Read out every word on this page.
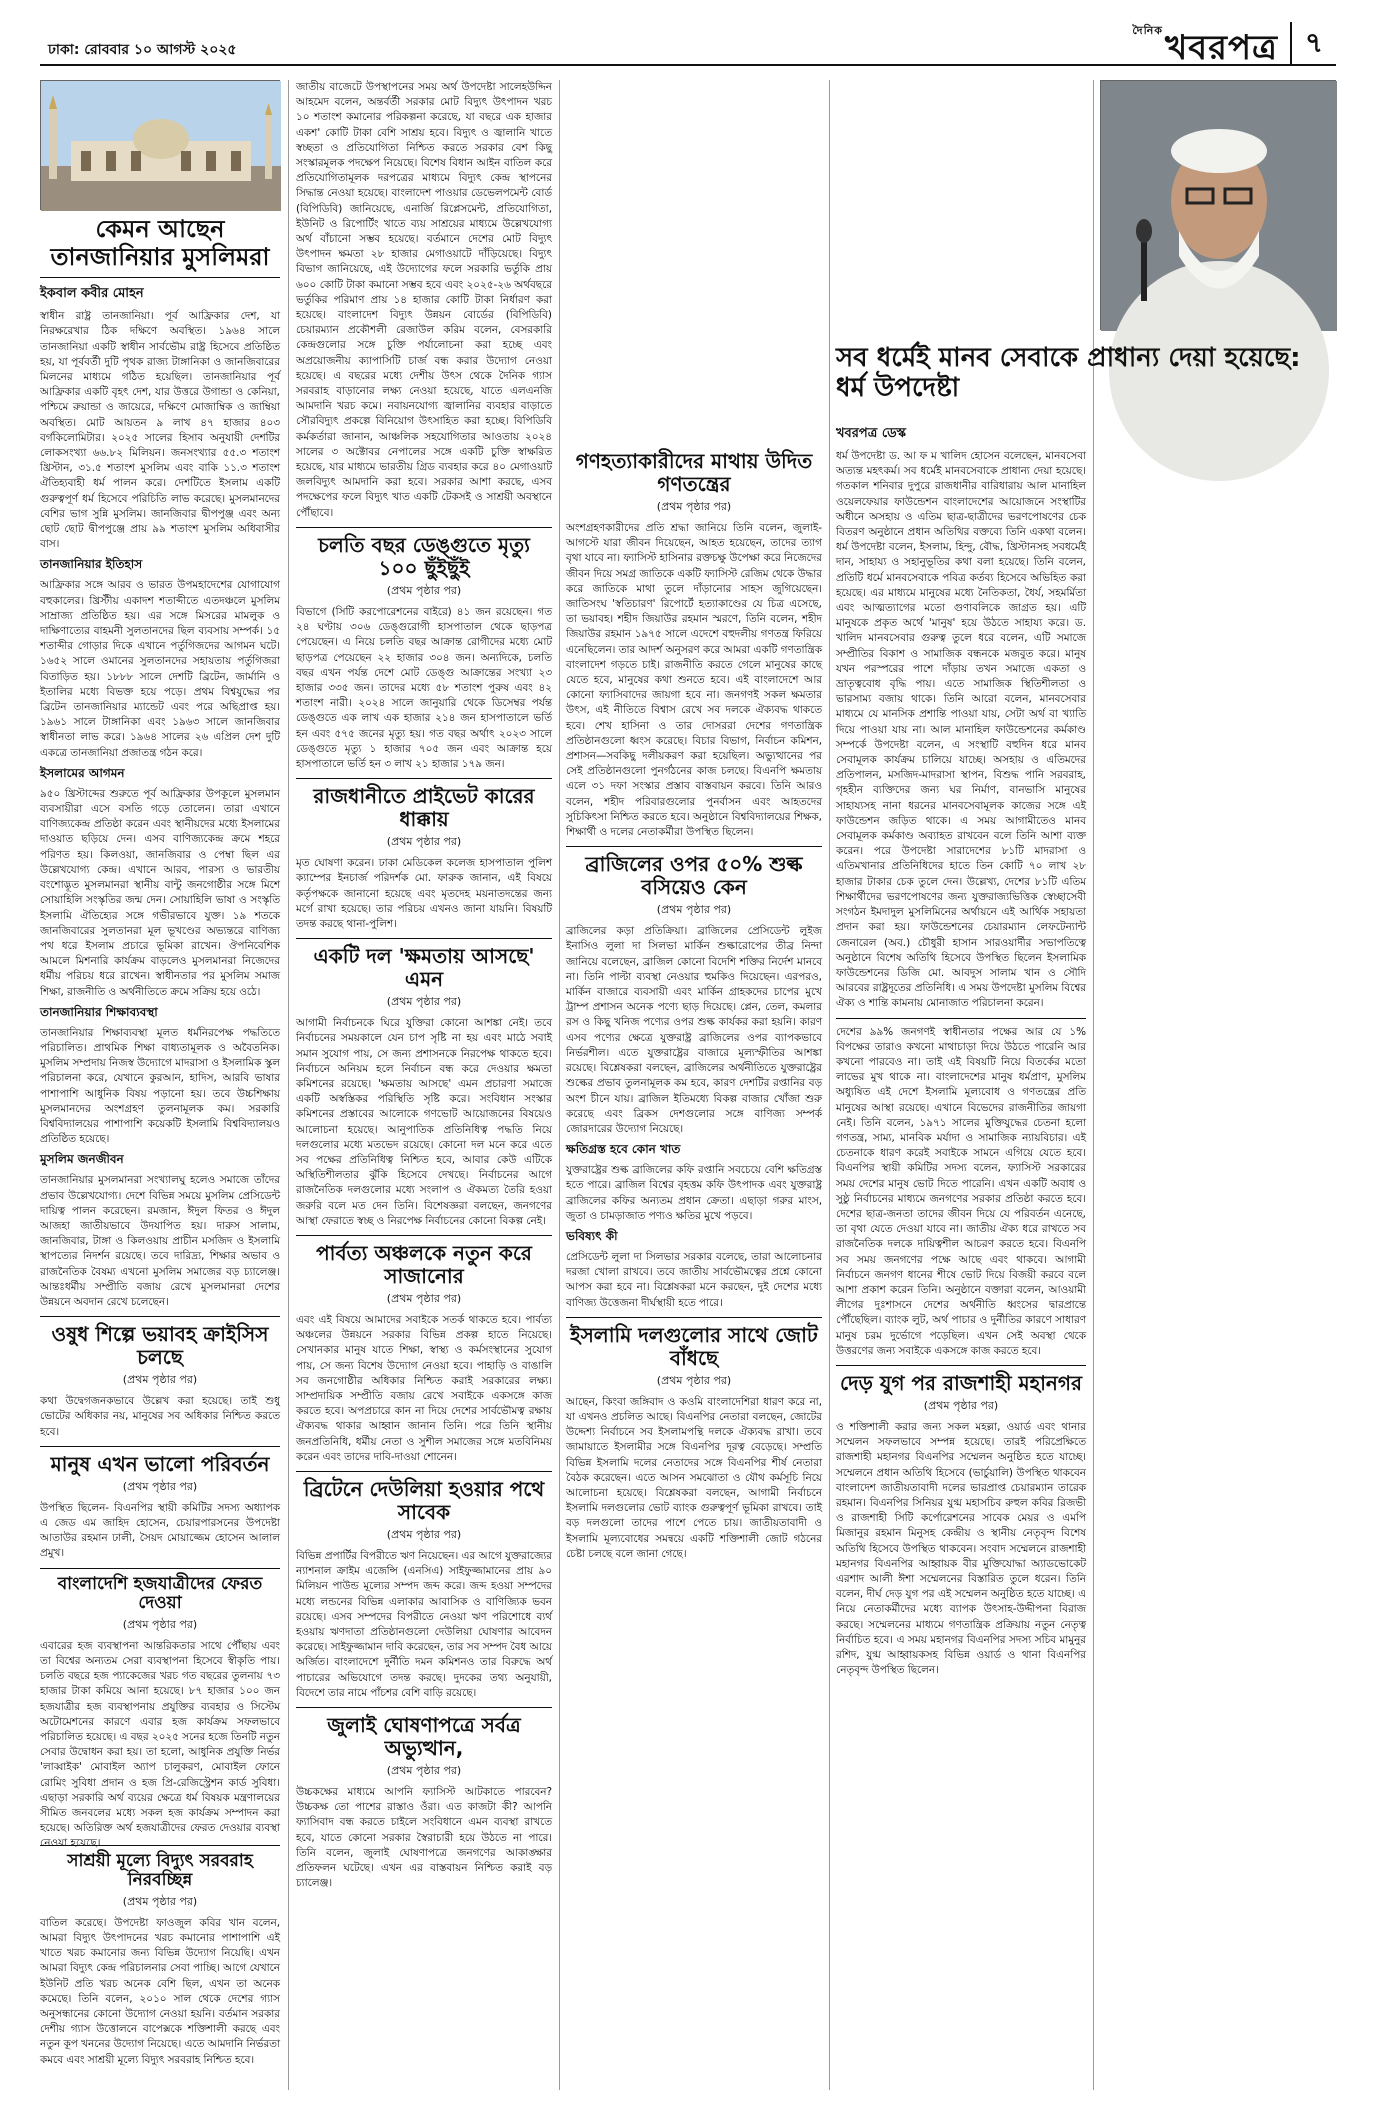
ঢাকা: রোববার ১০ আগস্ট ২০২৫
$^{দৈনিক}$খবরপত্র ৭
কেমন আছেন তানজানিয়ার মুসলিমরা
ইকবাল কবীর মোহন
স্বাধীন রাষ্ট্র তানজানিয়া। পূর্ব আফ্রিকার দেশ, যা নিরক্ষরেখার ঠিক দক্ষিণে অবস্থিত। ১৯৬৪ সালে তানজানিয়া একটি স্বাধীন সার্বভৌম রাষ্ট্র হিসেবে প্রতিষ্ঠিত হয়, যা পূর্ববর্তী দুটি পৃথক রাজ্য টাঙ্গানিকা ও জানজিবারের মিলনের মাধ্যমে গঠিত হয়েছিল। তানজানিয়ার পূর্ব আফ্রিকার একটি বৃহৎ দেশ, যার উত্তরে উগান্ডা ও কেনিয়া, পশ্চিমে রুয়ান্ডা ও জায়েরে, দক্ষিণে মোজাম্বিক ও জাম্বিয়া অবস্থিত। মোট আয়তন ৯ লাখ ৪৭ হাজার ৪০৩ বর্গকিলোমিটার। ২০২৫ সালের হিসাব অনুযায়ী দেশটির লোকসংখ্যা ৬৬.৮২ মিলিয়ন। জনসংখ্যার ৫৫.৩ শতাংশ খ্রিস্টান, ৩১.৫ শতাংশ মুসলিম এবং বাকি ১১.৩ শতাংশ ঐতিহ্যবাহী ধর্ম পালন করে। দেশটিতে ইসলাম একটি গুরুত্বপূর্ণ ধর্ম হিসেবে পরিচিতি লাভ করেছে। মুসলমানদের বেশির ভাগ সুন্নি মুসলিম। জানজিবার দ্বীপপুঞ্জ এবং অন্য ছোট ছোট দ্বীপপুঞ্জে প্রায় ৯৯ শতাংশ মুসলিম অধিবাসীর বাস।
তানজানিয়ার ইতিহাস
আফ্রিকার সঙ্গে আরব ও ভারত উপমহাদেশের যোগাযোগ বহুকালের। খ্রিস্টীয় একাদশ শতাব্দীতে এতদঞ্চলে মুসলিম সাম্রাজ্য প্রতিষ্ঠিত হয়। এর সঙ্গে মিসরের মামলুক ও দাক্ষিণাত্যের বাহমনী সুলতানদের ছিল ব্যবসায় সম্পর্ক। ১৫ শতাব্দীর গোড়ার দিকে এখানে পর্তুগিজদের আগমন ঘটে। ১৬৫২ সালে ওমানের সুলতানদের সহায়তায় পর্তুগিজরা বিতাড়িত হয়। ১৮৮৮ সালে দেশটি ব্রিটেন, জার্মানি ও ইতালির মধ্যে বিভক্ত হয়ে পড়ে। প্রথম বিশ্বযুদ্ধের পর ব্রিটেন তানজানিয়ার ম্যান্ডেট এবং পরে অছিপ্রাপ্ত হয়। ১৯৬১ সালে টাঙ্গানিকা এবং ১৯৬৩ সালে জানজিবার স্বাধীনতা লাভ করে। ১৯৬৪ সালের ২৬ এপ্রিল দেশ দুটি একত্রে তানজানিয়া প্রজাতন্ত্র গঠন করে।
ইসলামের আগমন
৯৫০ খ্রিস্টাব্দের শুরুতে পূর্ব আফ্রিকার উপকূলে মুসলমান ব্যবসায়ীরা এসে বসতি গড়ে তোলেন। তারা এখানে বাণিজ্যকেন্দ্র প্রতিষ্ঠা করেন এবং স্থানীয়দের মধ্যে ইসলামের দাওয়াত ছড়িয়ে দেন। এসব বাণিজ্যকেন্দ্র ক্রমে শহরে পরিণত হয়। কিলওয়া, জানজিবার ও পেম্বা ছিল এর উল্লেখযোগ্য কেন্দ্র। এখানে আরব, পারস্য ও ভারতীয় বংশোদ্ভূত মুসলমানরা স্থানীয় বান্টু জনগোষ্ঠীর সঙ্গে মিশে সোয়াহিলি সংস্কৃতির জন্ম দেন। সোয়াহিলি ভাষা ও সংস্কৃতি ইসলামি ঐতিহ্যের সঙ্গে গভীরভাবে যুক্ত। ১৯ শতকে জানজিবারের সুলতানরা মূল ভূখণ্ডের অভ্যন্তরে বাণিজ্য পথ ধরে ইসলাম প্রচারে ভূমিকা রাখেন। ঔপনিবেশিক আমলে মিশনারি কার্যক্রম বাড়লেও মুসলমানরা নিজেদের ধর্মীয় পরিচয় ধরে রাখেন। স্বাধীনতার পর মুসলিম সমাজ শিক্ষা, রাজনীতি ও অর্থনীতিতে ক্রমে সক্রিয় হয়ে ওঠে।
তানজানিয়ার শিক্ষাব্যবস্থা
তানজানিয়ার শিক্ষাব্যবস্থা মূলত ধর্মনিরপেক্ষ পদ্ধতিতে পরিচালিত। প্রাথমিক শিক্ষা বাধ্যতামূলক ও অবৈতনিক। মুসলিম সম্প্রদায় নিজস্ব উদ্যোগে মাদরাসা ও ইসলামিক স্কুল পরিচালনা করে, যেখানে কুরআন, হাদিস, আরবি ভাষার পাশাপাশি আধুনিক বিষয় পড়ানো হয়। তবে উচ্চশিক্ষায় মুসলমানদের অংশগ্রহণ তুলনামূলক কম। সরকারি বিশ্ববিদ্যালয়ের পাশাপাশি কয়েকটি ইসলামি বিশ্ববিদ্যালয়ও প্রতিষ্ঠিত হয়েছে।
মুসলিম জনজীবন
তানজানিয়ার মুসলমানরা সংখ্যালঘু হলেও সমাজে তাঁদের প্রভাব উল্লেখযোগ্য। দেশে বিভিন্ন সময়ে মুসলিম প্রেসিডেন্ট দায়িত্ব পালন করেছেন। রমজান, ঈদুল ফিতর ও ঈদুল আজহা জাতীয়ভাবে উদযাপিত হয়। দারুস সালাম, জানজিবার, টাঙ্গা ও কিলওয়ায় প্রাচীন মসজিদ ও ইসলামি স্থাপত্যের নিদর্শন রয়েছে। তবে দারিদ্র্য, শিক্ষার অভাব ও রাজনৈতিক বৈষম্য এখনো মুসলিম সমাজের বড় চ্যালেঞ্জ। আন্তঃধর্মীয় সম্প্রীতি বজায় রেখে মুসলমানরা দেশের উন্নয়নে অবদান রেখে চলেছেন।
ওষুধ শিল্পে ভয়াবহ ক্রাইসিস চলছে
(প্রথম পৃষ্ঠার পর)
কথা উদ্বেগজনকভাবে উল্লেখ করা হয়েছে। তাই শুধু ভোটের অধিকার নয়, মানুষের সব অধিকার নিশ্চিত করতে হবে।
মানুষ এখন ভালো পরিবর্তন
(প্রথম পৃষ্ঠার পর)
উপস্থিত ছিলেন- বিএনপির স্থায়ী কমিটির সদস্য অধ্যাপক এ জেড এম জাহিদ হোসেন, চেয়ারপারসনের উপদেষ্টা আতাউর রহমান ঢালী, সৈয়দ মোয়াজ্জেম হোসেন আলাল প্রমুখ।
বাংলাদেশি হজযাত্রীদের ফেরত দেওয়া
(প্রথম পৃষ্ঠার পর)
এবারের হজ ব্যবস্থাপনা আন্তরিকতার সাথে পৌঁছায় এবং তা বিশ্বের অন্যতম সেরা ব্যবস্থাপনা হিসেবে স্বীকৃতি পায়। চলতি বছরে হজ প্যাকেজের খরচ গত বছরের তুলনায় ৭৩ হাজার টাকা কমিয়ে আনা হয়েছে। ৮৭ হাজার ১০০ জন হজযাত্রীর হজ ব্যবস্থাপনায় প্রযুক্তির ব্যবহার ও সিস্টেম অটোমেশনের কারণে এবার হজ কার্যক্রম সফলভাবে পরিচালিত হয়েছে। এ বছর ২০২৫ সনের হজে তিনটি নতুন সেবার উদ্বোধন করা হয়। তা হলো, আধুনিক প্রযুক্তি নির্ভর 'লাব্বাইক' মোবাইল অ্যাপ চালুকরণ, মোবাইল ফোনে রোমিং সুবিধা প্রদান ও হজ প্রি-রেজিস্ট্রেশন কার্ড সুবিধা। এছাড়া সরকারি অর্থ ব্যয়ের ক্ষেত্রে ধর্ম বিষয়ক মন্ত্রণালয়ের সীমিত জনবলের মধ্যে সকল হজ কার্যক্রম সম্পাদন করা হয়েছে। অতিরিক্ত অর্থ হজযাত্রীদের ফেরত দেওয়ার ব্যবস্থা নেওয়া হয়েছে।
সাশ্রয়ী মূল্যে বিদ্যুৎ সরবরাহ নিরবচ্ছিন্ন
(প্রথম পৃষ্ঠার পর)
বাতিল করেছে। উপদেষ্টা ফাওজুল কবির খান বলেন, আমরা বিদ্যুৎ উৎপাদনের খরচ কমানোর পাশাপাশি এই খাতে খরচ কমানোর জন্য বিভিন্ন উদ্যোগ নিয়েছি। এখন আমরা বিদ্যুৎ কেন্দ্র পরিচালনার সেবা পাচ্ছি। আগে যেখানে ইউনিট প্রতি খরচ অনেক বেশি ছিল, এখন তা অনেক কমেছে। তিনি বলেন, ২০১০ সাল থেকে দেশের গ্যাস অনুসন্ধানের কোনো উদ্যোগ নেওয়া হয়নি। বর্তমান সরকার দেশীয় গ্যাস উত্তোলনে বাপেক্সকে শক্তিশালী করছে এবং নতুন কূপ খননের উদ্যোগ নিয়েছে। এতে আমদানি নির্ভরতা কমবে এবং সাশ্রয়ী মূল্যে বিদ্যুৎ সরবরাহ নিশ্চিত হবে।
জাতীয় বাজেটে উপস্থাপনের সময় অর্থ উপদেষ্টা সালেহউদ্দিন আহমেদ বলেন, অন্তর্বর্তী সরকার মোট বিদ্যুৎ উৎপাদন খরচ ১০ শতাংশ কমানোর পরিকল্পনা করেছে, যা বছরে এক হাজার একশ' কোটি টাকা বেশি সাশ্রয় হবে। বিদ্যুৎ ও জ্বালানি খাতে স্বচ্ছতা ও প্রতিযোগিতা নিশ্চিত করতে সরকার বেশ কিছু সংস্কারমূলক পদক্ষেপ নিয়েছে। বিশেষ বিধান আইন বাতিল করে প্রতিযোগিতামূলক দরপত্রের মাধ্যমে বিদ্যুৎ কেন্দ্র স্থাপনের সিদ্ধান্ত নেওয়া হয়েছে। বাংলাদেশ পাওয়ার ডেভেলপমেন্ট বোর্ড (বিপিডিবি) জানিয়েছে, এনার্জি রিপ্লেসমেন্ট, প্রতিযোগিতা, ইউনিট ও রিপোর্টিং খাতে ব্যয় সাশ্রয়ের মাধ্যমে উল্লেখযোগ্য অর্থ বাঁচানো সম্ভব হয়েছে। বর্তমানে দেশের মোট বিদ্যুৎ উৎপাদন ক্ষমতা ২৮ হাজার মেগাওয়াটে দাঁড়িয়েছে। বিদ্যুৎ বিভাগ জানিয়েছে, এই উদ্যোগের ফলে সরকারি ভর্তুকি প্রায় ৬০০ কোটি টাকা কমানো সম্ভব হবে এবং ২০২৫-২৬ অর্থবছরে ভর্তুকির পরিমাণ প্রায় ১৪ হাজার কোটি টাকা নির্ধারণ করা হয়েছে। বাংলাদেশ বিদ্যুৎ উন্নয়ন বোর্ডের (বিপিডিবি) চেয়ারম্যান প্রকৌশলী রেজাউল করিম বলেন, বেসরকারি কেন্দ্রগুলোর সঙ্গে চুক্তি পর্যালোচনা করা হচ্ছে এবং অপ্রয়োজনীয় ক্যাপাসিটি চার্জ বন্ধ করার উদ্যোগ নেওয়া হয়েছে। এ বছরের মধ্যে দেশীয় উৎস থেকে দৈনিক গ্যাস সরবরাহ বাড়ানোর লক্ষ্য নেওয়া হয়েছে, যাতে এলএনজি আমদানি খরচ কমে। নবায়নযোগ্য জ্বালানির ব্যবহার বাড়াতে সৌরবিদ্যুৎ প্রকল্পে বিনিয়োগ উৎসাহিত করা হচ্ছে। বিপিডিবি কর্মকর্তারা জানান, আঞ্চলিক সহযোগিতার আওতায় ২০২৪ সালের ৩ অক্টোবর নেপালের সঙ্গে একটি চুক্তি স্বাক্ষরিত হয়েছে, যার মাধ্যমে ভারতীয় গ্রিড ব্যবহার করে ৪০ মেগাওয়াট জলবিদ্যুৎ আমদানি করা হবে। সরকার আশা করছে, এসব পদক্ষেপের ফলে বিদ্যুৎ খাত একটি টেকসই ও সাশ্রয়ী অবস্থানে পৌঁছাবে।
চলতি বছর ডেঙ্গুতে মৃত্যু ১০০ ছুঁইছুঁই
(প্রথম পৃষ্ঠার পর)
বিভাগে (সিটি করপোরেশনের বাইরে) ৪১ জন রয়েছেন। গত ২৪ ঘণ্টায় ৩০৬ ডেঙ্গুরোগী হাসপাতাল থেকে ছাড়পত্র পেয়েছেন। এ নিয়ে চলতি বছর আক্রান্ত রোগীদের মধ্যে মোট ছাড়পত্র পেয়েছেন ২২ হাজার ৩০৪ জন। অন্যদিকে, চলতি বছর এখন পর্যন্ত দেশে মোট ডেঙ্গু আক্রান্তের সংখ্যা ২৩ হাজার ৩৩৫ জন। তাদের মধ্যে ৫৮ শতাংশ পুরুষ এবং ৪২ শতাংশ নারী। ২০২৪ সালে জানুয়ারি থেকে ডিসেম্বর পর্যন্ত ডেঙ্গুতে এক লাখ এক হাজার ২১৪ জন হাসপাতালে ভর্তি হন এবং ৫৭৫ জনের মৃত্যু হয়। গত বছর অর্থাৎ ২০২৩ সালে ডেঙ্গুতে মৃত্যু ১ হাজার ৭০৫ জন এবং আক্রান্ত হয়ে হাসপাতালে ভর্তি হন ৩ লাখ ২১ হাজার ১৭৯ জন।
রাজধানীতে প্রাইভেট কারের ধাক্কায়
(প্রথম পৃষ্ঠার পর)
মৃত ঘোষণা করেন। ঢাকা মেডিকেল কলেজ হাসপাতাল পুলিশ ক্যাম্পের ইনচার্জ পরিদর্শক মো. ফারুক জানান, এই বিষয়ে কর্তৃপক্ষকে জানানো হয়েছে এবং মৃতদেহ ময়নাতদন্তের জন্য মর্গে রাখা হয়েছে। তার পরিচয় এখনও জানা যায়নি। বিষয়টি তদন্ত করছে থানা-পুলিশ।
একটি দল 'ক্ষমতায় আসছে' এমন
(প্রথম পৃষ্ঠার পর)
আগামী নির্বাচনকে ঘিরে যুক্তিরা কোনো আশঙ্কা নেই। তবে নির্বাচনের সময়কালে যেন চাপ সৃষ্টি না হয় এবং মাঠে সবাই সমান সুযোগ পায়, সে জন্য প্রশাসনকে নিরপেক্ষ থাকতে হবে। নির্বাচনে অনিয়ম হলে নির্বাচন বন্ধ করে দেওয়ার ক্ষমতা কমিশনের রয়েছে। 'ক্ষমতায় আসছে' এমন প্রচারণা সমাজে একটি অস্বস্তিকর পরিস্থিতি সৃষ্টি করে। সংবিধান সংস্কার কমিশনের প্রস্তাবের আলোকে গণভোট আয়োজনের বিষয়েও আলোচনা হয়েছে। আনুপাতিক প্রতিনিধিত্ব পদ্ধতি নিয়ে দলগুলোর মধ্যে মতভেদ রয়েছে। কোনো দল মনে করে এতে সব পক্ষের প্রতিনিধিত্ব নিশ্চিত হবে, আবার কেউ এটিকে অস্থিতিশীলতার ঝুঁকি হিসেবে দেখছে। নির্বাচনের আগে রাজনৈতিক দলগুলোর মধ্যে সংলাপ ও ঐকমত্য তৈরি হওয়া জরুরি বলে মত দেন তিনি। বিশেষজ্ঞরা বলছেন, জনগণের আস্থা ফেরাতে স্বচ্ছ ও নিরপেক্ষ নির্বাচনের কোনো বিকল্প নেই।
পার্বত্য অঞ্চলকে নতুন করে সাজানোর
(প্রথম পৃষ্ঠার পর)
এবং এই বিষয়ে আমাদের সবাইকে সতর্ক থাকতে হবে। পার্বত্য অঞ্চলের উন্নয়নে সরকার বিভিন্ন প্রকল্প হাতে নিয়েছে। সেখানকার মানুষ যাতে শিক্ষা, স্বাস্থ্য ও কর্মসংস্থানের সুযোগ পায়, সে জন্য বিশেষ উদ্যোগ নেওয়া হবে। পাহাড়ি ও বাঙালি সব জনগোষ্ঠীর অধিকার নিশ্চিত করাই সরকারের লক্ষ্য। সাম্প্রদায়িক সম্প্রীতি বজায় রেখে সবাইকে একসঙ্গে কাজ করতে হবে। অপপ্রচারে কান না দিয়ে দেশের সার্বভৌমত্ব রক্ষায় ঐক্যবদ্ধ থাকার আহ্বান জানান তিনি। পরে তিনি স্থানীয় জনপ্রতিনিধি, ধর্মীয় নেতা ও সুশীল সমাজের সঙ্গে মতবিনিময় করেন এবং তাদের দাবি-দাওয়া শোনেন।
ব্রিটেনে দেউলিয়া হওয়ার পথে সাবেক
(প্রথম পৃষ্ঠার পর)
বিভিন্ন প্রপার্টির বিপরীতে ঋণ নিয়েছেন। এর আগে যুক্তরাজ্যের ন্যাশনাল ক্রাইম এজেন্সি (এনসিএ) সাইফুজ্জামানের প্রায় ৯০ মিলিয়ন পাউন্ড মূল্যের সম্পদ জব্দ করে। জব্দ হওয়া সম্পদের মধ্যে লন্ডনের বিভিন্ন এলাকার আবাসিক ও বাণিজ্যিক ভবন রয়েছে। এসব সম্পদের বিপরীতে নেওয়া ঋণ পরিশোধে ব্যর্থ হওয়ায় ঋণদাতা প্রতিষ্ঠানগুলো দেউলিয়া ঘোষণার আবেদন করেছে। সাইফুজ্জামান দাবি করেছেন, তার সব সম্পদ বৈধ আয়ে অর্জিত। বাংলাদেশে দুর্নীতি দমন কমিশনও তার বিরুদ্ধে অর্থ পাচারের অভিযোগে তদন্ত করছে। দুদকের তথ্য অনুযায়ী, বিদেশে তার নামে পাঁচশর বেশি বাড়ি রয়েছে।
জুলাই ঘোষণাপত্রে সর্বত্র অভ্যুত্থান,
(প্রথম পৃষ্ঠার পর)
উচ্চকক্ষের মাধ্যমে আপনি ফ্যাসিস্ট আটকাতে পারবেন? উচ্চকক্ষ তো পাশের রাস্তাও ওঁরা। এত কাজটা কী? আপনি ফ্যাসিবাদ বন্ধ করতে চাইলে সংবিধানে এমন ব্যবস্থা রাখতে হবে, যাতে কোনো সরকার স্বৈরাচারী হয়ে উঠতে না পারে। তিনি বলেন, জুলাই ঘোষণাপত্রে জনগণের আকাঙ্ক্ষার প্রতিফলন ঘটেছে। এখন এর বাস্তবায়ন নিশ্চিত করাই বড় চ্যালেঞ্জ।
গণহত্যাকারীদের মাথায় উদিত গণতন্ত্রের
(প্রথম পৃষ্ঠার পর)
অংশগ্রহণকারীদের প্রতি শ্রদ্ধা জানিয়ে তিনি বলেন, জুলাই-আগস্টে যারা জীবন দিয়েছেন, আহত হয়েছেন, তাদের ত্যাগ বৃথা যাবে না। ফ্যাসিস্ট হাসিনার রক্তচক্ষু উপেক্ষা করে নিজেদের জীবন দিয়ে সমগ্র জাতিকে একটি ফ্যাসিস্ট রেজিম থেকে উদ্ধার করে জাতিকে মাথা তুলে দাঁড়ানোর সাহস জুগিয়েছেন। জাতিসংঘ 'স্বতিচারণ' রিপোর্টে হত্যাকাণ্ডের যে চিত্র এসেছে, তা ভয়াবহ। শহীদ জিয়াউর রহমান স্মরণে, তিনি বলেন, শহীদ জিয়াউর রহমান ১৯৭৫ সালে এদেশে বহুদলীয় গণতন্ত্র ফিরিয়ে এনেছিলেন। তার আদর্শ অনুসরণ করে আমরা একটি গণতান্ত্রিক বাংলাদেশ গড়তে চাই। রাজনীতি করতে গেলে মানুষের কাছে যেতে হবে, মানুষের কথা শুনতে হবে। এই বাংলাদেশে আর কোনো ফ্যাসিবাদের জায়গা হবে না। জনগণই সকল ক্ষমতার উৎস, এই নীতিতে বিশ্বাস রেখে সব দলকে ঐক্যবদ্ধ থাকতে হবে। শেখ হাসিনা ও তার দোসররা দেশের গণতান্ত্রিক প্রতিষ্ঠানগুলো ধ্বংস করেছে। বিচার বিভাগ, নির্বাচন কমিশন, প্রশাসন—সবকিছু দলীয়করণ করা হয়েছিল। অভ্যুত্থানের পর সেই প্রতিষ্ঠানগুলো পুনর্গঠনের কাজ চলছে। বিএনপি ক্ষমতায় এলে ৩১ দফা সংস্কার প্রস্তাব বাস্তবায়ন করবে। তিনি আরও বলেন, শহীদ পরিবারগুলোর পুনর্বাসন এবং আহতদের সুচিকিৎসা নিশ্চিত করতে হবে। অনুষ্ঠানে বিশ্ববিদ্যালয়ের শিক্ষক, শিক্ষার্থী ও দলের নেতাকর্মীরা উপস্থিত ছিলেন।
ব্রাজিলের ওপর ৫০% শুল্ক বসিয়েও কেন
(প্রথম পৃষ্ঠার পর)
ব্রাজিলের কড়া প্রতিক্রিয়া। ব্রাজিলের প্রেসিডেন্ট লুইজ ইনাসিও লুলা দা সিলভা মার্কিন শুল্কারোপের তীব্র নিন্দা জানিয়ে বলেছেন, ব্রাজিল কোনো বিদেশি শক্তির নির্দেশ মানবে না। তিনি পাল্টা ব্যবস্থা নেওয়ার হুমকিও দিয়েছেন। এরপরও, মার্কিন বাজারে ব্যবসায়ী এবং মার্কিন গ্রাহকদের চাপের মুখে ট্রাম্প প্রশাসন অনেক পণ্যে ছাড় দিয়েছে। প্লেন, তেল, কমলার রস ও কিছু খনিজ পণ্যের ওপর শুল্ক কার্যকর করা হয়নি। কারণ এসব পণ্যের ক্ষেত্রে যুক্তরাষ্ট্র ব্রাজিলের ওপর ব্যাপকভাবে নির্ভরশীল। এতে যুক্তরাষ্ট্রের বাজারে মূল্যস্ফীতির আশঙ্কা রয়েছে। বিশ্লেষকরা বলছেন, ব্রাজিলের অর্থনীতিতে যুক্তরাষ্ট্রের শুল্কের প্রভাব তুলনামূলক কম হবে, কারণ দেশটির রপ্তানির বড় অংশ চীনে যায়। ব্রাজিল ইতিমধ্যে বিকল্প বাজার খোঁজা শুরু করেছে এবং ব্রিকস দেশগুলোর সঙ্গে বাণিজ্য সম্পর্ক জোরদারের উদ্যোগ নিয়েছে।
ক্ষতিগ্রস্ত হবে কোন খাত
যুক্তরাষ্ট্রের শুল্ক ব্রাজিলের কফি রপ্তানি সবচেয়ে বেশি ক্ষতিগ্রস্ত হতে পারে। ব্রাজিল বিশ্বের বৃহত্তম কফি উৎপাদক এবং যুক্তরাষ্ট্র ব্রাজিলের কফির অন্যতম প্রধান ক্রেতা। এছাড়া গরুর মাংস, জুতা ও চামড়াজাত পণ্যও ক্ষতির মুখে পড়বে।
ভবিষ্যৎ কী
প্রেসিডেন্ট লুলা দা সিলভার সরকার বলেছে, তারা আলোচনার দরজা খোলা রাখবে। তবে জাতীয় সার্বভৌমত্বের প্রশ্নে কোনো আপস করা হবে না। বিশ্লেষকরা মনে করছেন, দুই দেশের মধ্যে বাণিজ্য উত্তেজনা দীর্ঘস্থায়ী হতে পারে।
ইসলামি দলগুলোর সাথে জোট বাঁধছে
(প্রথম পৃষ্ঠার পর)
আছেন, কিংবা জঙ্গিবাদ ও কওমি বাংলাদেশিরা ধারণ করে না, যা এখনও প্রচলিত আছে। বিএনপির নেতারা বলছেন, জোটের উদ্দেশ্য নির্বাচনে সব ইসলামপন্থি দলকে ঐক্যবদ্ধ রাখা। তবে জামায়াতে ইসলামীর সঙ্গে বিএনপির দূরত্ব বেড়েছে। সম্প্রতি বিভিন্ন ইসলামি দলের নেতাদের সঙ্গে বিএনপির শীর্ষ নেতারা বৈঠক করেছেন। এতে আসন সমঝোতা ও যৌথ কর্মসূচি নিয়ে আলোচনা হয়েছে। বিশ্লেষকরা বলছেন, আগামী নির্বাচনে ইসলামি দলগুলোর ভোট ব্যাংক গুরুত্বপূর্ণ ভূমিকা রাখবে। তাই বড় দলগুলো তাদের পাশে পেতে চায়। জাতীয়তাবাদী ও ইসলামি মূল্যবোধের সমন্বয়ে একটি শক্তিশালী জোট গঠনের চেষ্টা চলছে বলে জানা গেছে।
সব ধর্মেই মানব সেবাকে প্রাধান্য দেয়া হয়েছে: ধর্ম উপদেষ্টা
খবরপত্র ডেস্ক
ধর্ম উপদেষ্টা ড. আ ফ ম খালিদ হোসেন বলেছেন, মানবসেবা অত্যন্ত মহৎকর্ম। সব ধর্মেই মানবসেবাকে প্রাধান্য দেয়া হয়েছে। গতকাল শনিবার দুপুরে রাজধানীর বারিধারায় আল মানাহিল ওয়েলফেয়ার ফাউন্ডেশন বাংলাদেশের আয়োজনে সংস্থাটির অধীনে অসহায় ও এতিম ছাত্র-ছাত্রীদের ভরণপোষণের চেক বিতরণ অনুষ্ঠানে প্রধান অতিথির বক্তব্যে তিনি একথা বলেন। ধর্ম উপদেষ্টা বলেন, ইসলাম, হিন্দু, বৌদ্ধ, খ্রিস্টানসহ সবধর্মেই দান, সাহায্য ও সহানুভূতির কথা বলা হয়েছে। তিনি বলেন, প্রতিটি ধর্মে মানবসেবাকে পবিত্র কর্তব্য হিসেবে অভিহিত করা হয়েছে। এর মাধ্যমে মানুষের মধ্যে নৈতিকতা, ধৈর্য, সহমর্মিতা এবং আত্মত্যাগের মতো গুণাবলিকে জাগ্রত হয়। এটি মানুষকে প্রকৃত অর্থে 'মানুষ' হয়ে উঠতে সাহায্য করে। ড. খালিদ মানবসেবার গুরুত্ব তুলে ধরে বলেন, এটি সমাজে সম্প্রীতির বিকাশ ও সামাজিক বন্ধনকে মজবুত করে। মানুষ যখন পরস্পরের পাশে দাঁড়ায় তখন সমাজে একতা ও ভ্রাতৃত্ববোধ বৃদ্ধি পায়। এতে সামাজিক স্থিতিশীলতা ও ভারসাম্য বজায় থাকে। তিনি আরো বলেন, মানবসেবার মাধ্যমে যে মানসিক প্রশান্তি পাওয়া যায়, সেটা অর্থ বা খ্যাতি দিয়ে পাওয়া যায় না। আল মানাহিল ফাউন্ডেশনের কর্মকাণ্ড সম্পর্কে উপদেষ্টা বলেন, এ সংস্থাটি বহুদিন ধরে মানব সেবামূলক কার্যক্রম চালিয়ে যাচ্ছে। অসহায় ও এতিমদের প্রতিপালন, মসজিদ-মাদরাসা স্থাপন, বিশুদ্ধ পানি সরবরাহ, গৃহহীন ব্যক্তিদের জন্য ঘর নির্মাণ, বানভাসি মানুষের সাহায্যসহ নানা ধরনের মানবসেবামূলক কাজের সঙ্গে এই ফাউন্ডেশন জড়িত থাকে। এ সময় আগামীতেও মানব সেবামূলক কর্মকাণ্ড অব্যাহত রাখবেন বলে তিনি আশা ব্যক্ত করেন। পরে উপদেষ্টা সারাদেশের ৮১টি মাদরাসা ও এতিমখানার প্রতিনিধিদের হাতে তিন কোটি ৭০ লাখ ২৮ হাজার টাকার চেক তুলে দেন। উল্লেখ্য, দেশের ৮১টি এতিম শিক্ষার্থীদের ভরণপোষণের জন্য যুক্তরাজ্যভিত্তিক স্বেচ্ছাসেবী সংগঠন ইমদাদুল মুসলিমিনের অর্থায়নে এই আর্থিক সহায়তা প্রদান করা হয়। ফাউন্ডেশনের চেয়ারম্যান লেফটেন্যান্ট জেনারেল (অব.) চৌধুরী হাসান সারওয়ার্দীর সভাপতিত্বে অনুষ্ঠানে বিশেষ অতিথি হিসেবে উপস্থিত ছিলেন ইসলামিক ফাউন্ডেশনের ডিজি মো. আবদুস সালাম খান ও সৌদি আরবের রাষ্ট্রদূতের প্রতিনিধি। এ সময় উপদেষ্টা মুসলিম বিশ্বের ঐক্য ও শান্তি কামনায় মোনাজাত পরিচালনা করেন।
দেশের ৯৯% জনগণই স্বাধীনতার পক্ষের আর যে ১% বিপক্ষের তারাও কখনো মাথাচাড়া দিয়ে উঠতে পারেনি আর কখনো পারবেও না। তাই এই বিষয়টি নিয়ে বিতর্কের মতো লাভের মুখ থাকে না। বাংলাদেশের মানুষ ধর্মপ্রাণ, মুসলিম অধ্যুষিত এই দেশে ইসলামি মূল্যবোধ ও গণতন্ত্রের প্রতি মানুষের আস্থা রয়েছে। এখানে বিভেদের রাজনীতির জায়গা নেই। তিনি বলেন, ১৯৭১ সালের মুক্তিযুদ্ধের চেতনা হলো গণতন্ত্র, সাম্য, মানবিক মর্যাদা ও সামাজিক ন্যায়বিচার। এই চেতনাকে ধারণ করেই সবাইকে সামনে এগিয়ে যেতে হবে। বিএনপির স্থায়ী কমিটির সদস্য বলেন, ফ্যাসিস্ট সরকারের সময় দেশের মানুষ ভোট দিতে পারেনি। এখন একটি অবাধ ও সুষ্ঠু নির্বাচনের মাধ্যমে জনগণের সরকার প্রতিষ্ঠা করতে হবে। দেশের ছাত্র-জনতা তাদের জীবন দিয়ে যে পরিবর্তন এনেছে, তা বৃথা যেতে দেওয়া যাবে না। জাতীয় ঐক্য ধরে রাখতে সব রাজনৈতিক দলকে দায়িত্বশীল আচরণ করতে হবে। বিএনপি সব সময় জনগণের পক্ষে আছে এবং থাকবে। আগামী নির্বাচনে জনগণ ধানের শীষে ভোট দিয়ে বিজয়ী করবে বলে আশা প্রকাশ করেন তিনি। অনুষ্ঠানে বক্তারা বলেন, আওয়ামী লীগের দুঃশাসনে দেশের অর্থনীতি ধ্বংসের দ্বারপ্রান্তে পৌঁছেছিল। ব্যাংক লুট, অর্থ পাচার ও দুর্নীতির কারণে সাধারণ মানুষ চরম দুর্ভোগে পড়েছিল। এখন সেই অবস্থা থেকে উত্তরণের জন্য সবাইকে একসঙ্গে কাজ করতে হবে।
দেড় যুগ পর রাজশাহী মহানগর
(প্রথম পৃষ্ঠার পর)
ও শক্তিশালী করার জন্য সকল মহল্লা, ওয়ার্ড এবং থানার সম্মেলন সফলভাবে সম্পন্ন হয়েছে। তারই পরিপ্রেক্ষিতে রাজশাহী মহানগর বিএনপির সম্মেলন অনুষ্ঠিত হতে যাচ্ছে। সম্মেলনে প্রধান অতিথি হিসেবে (ভার্চুয়ালি) উপস্থিত থাকবেন বাংলাদেশ জাতীয়তাবাদী দলের ভারপ্রাপ্ত চেয়ারম্যান তারেক রহমান। বিএনপির সিনিয়র যুগ্ম মহাসচিব রুহুল কবির রিজভী ও রাজশাহী সিটি কর্পোরেশনের সাবেক মেয়র ও এমপি মিজানুর রহমান মিনুসহ কেন্দ্রীয় ও স্থানীয় নেতৃবৃন্দ বিশেষ অতিথি হিসেবে উপস্থিত থাকবেন। সংবাদ সম্মেলনে রাজশাহী মহানগর বিএনপির আহ্বায়ক বীর মুক্তিযোদ্ধা অ্যাডভোকেট এরশাদ আলী ঈশা সম্মেলনের বিস্তারিত তুলে ধরেন। তিনি বলেন, দীর্ঘ দেড় যুগ পর এই সম্মেলন অনুষ্ঠিত হতে যাচ্ছে। এ নিয়ে নেতাকর্মীদের মধ্যে ব্যাপক উৎসাহ-উদ্দীপনা বিরাজ করছে। সম্মেলনের মাধ্যমে গণতান্ত্রিক প্রক্রিয়ায় নতুন নেতৃত্ব নির্বাচিত হবে। এ সময় মহানগর বিএনপির সদস্য সচিব মামুনুর রশিদ, যুগ্ম আহ্বায়কসহ বিভিন্ন ওয়ার্ড ও থানা বিএনপির নেতৃবৃন্দ উপস্থিত ছিলেন।
